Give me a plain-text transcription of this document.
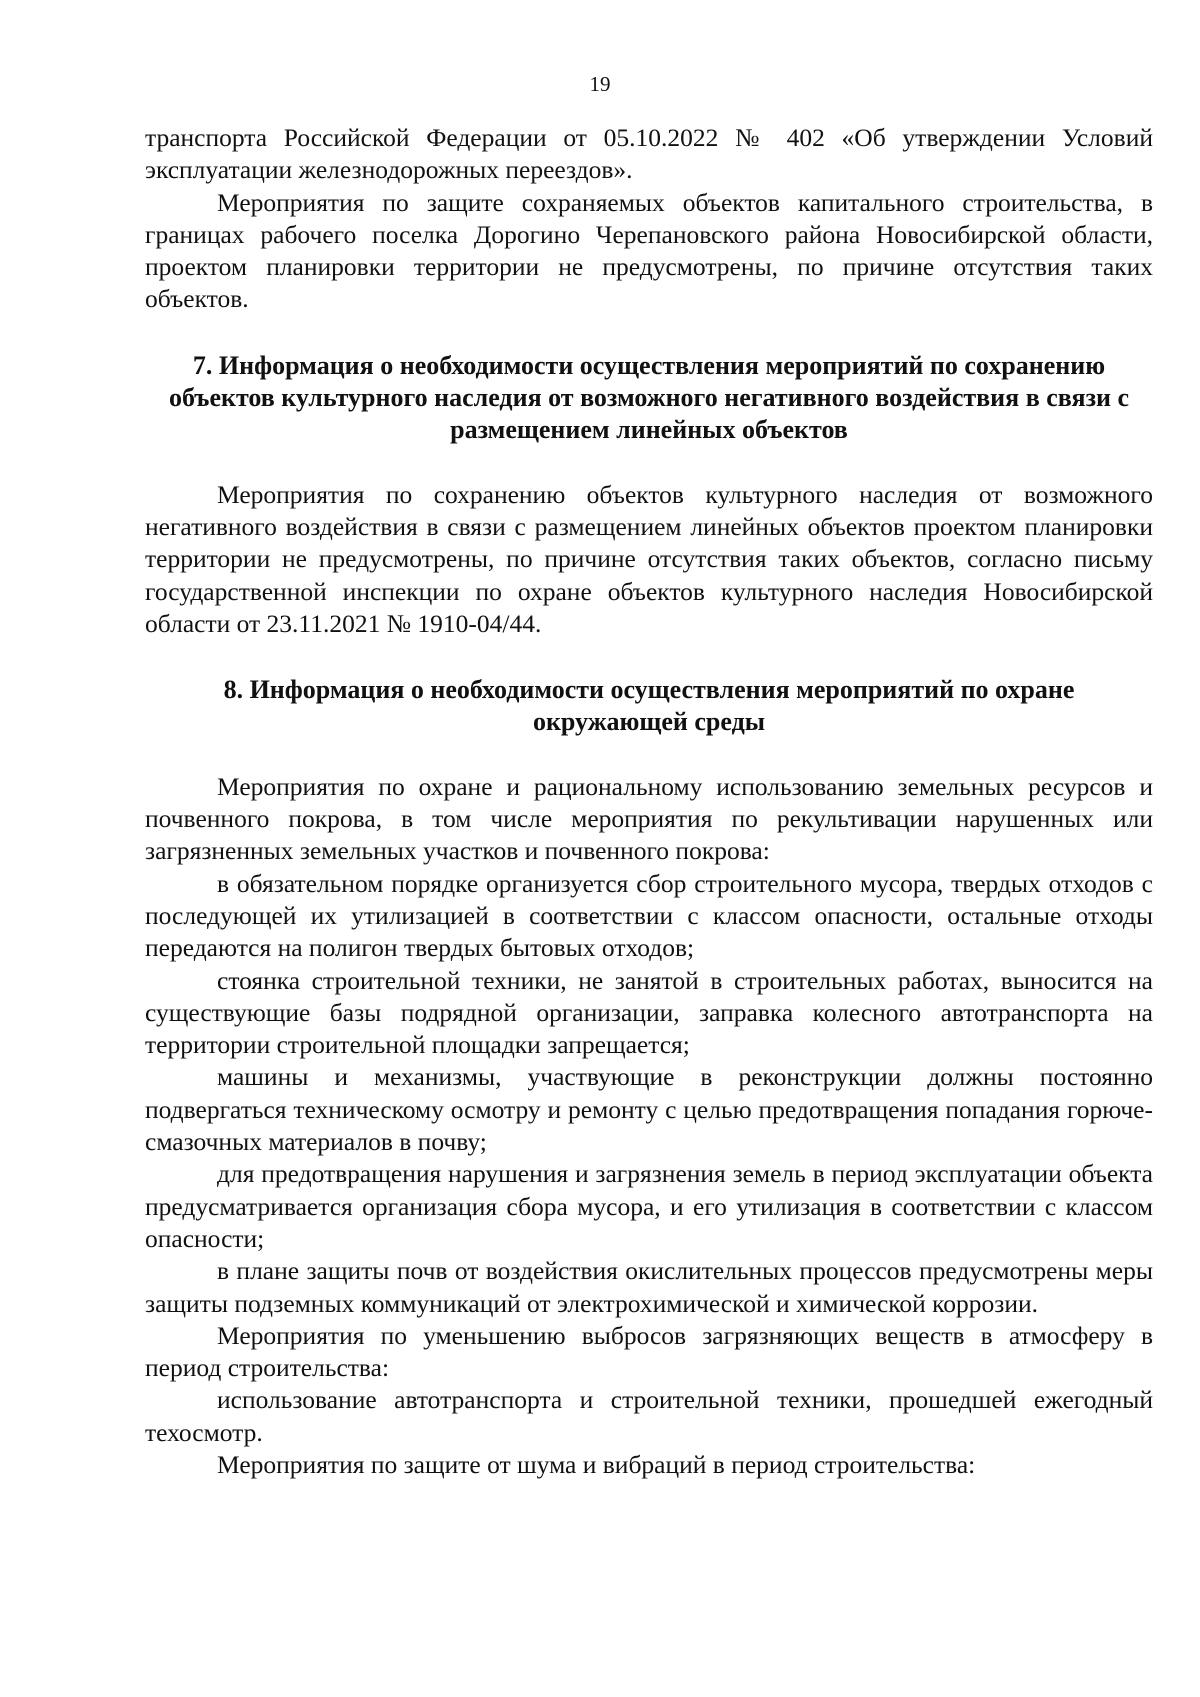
19

транспорта Российской Федерации от 05.10.2022 № 402 «Об утверждении Условий эксплуатации железнодорожных переездов».

Мероприятия по защите сохраняемых объектов капитального строительства, в границах рабочего поселка Дорогино Черепановского района Новосибирской области, проектом планировки территории не предусмотрены, по причине отсутствия таких объектов.

7. Информация о необходимости осуществления мероприятий по сохранению объектов культурного наследия от возможного негативного воздействия в связи с размещением линейных объектов

Мероприятия по сохранению объектов культурного наследия от возможного негативного воздействия в связи с размещением линейных объектов проектом планировки территории не предусмотрены, по причине отсутствия таких объектов, согласно письму государственной инспекции по охране объектов культурного наследия Новосибирской области от 23.11.2021 № 1910-04/44.

8. Информация о необходимости осуществления мероприятий по охране окружающей среды

Мероприятия по охране и рациональному использованию земельных ресурсов и почвенного покрова, в том числе мероприятия по рекультивации нарушенных или загрязненных земельных участков и почвенного покрова:

в обязательном порядке организуется сбор строительного мусора, твердых отходов с последующей их утилизацией в соответствии с классом опасности, остальные отходы передаются на полигон твердых бытовых отходов;

стоянка строительной техники, не занятой в строительных работах, выносится на существующие базы подрядной организации, заправка колесного автотранспорта на территории строительной площадки запрещается;

машины и механизмы, участвующие в реконструкции должны постоянно подвергаться техническому осмотру и ремонту с целью предотвращения попадания горюче-смазочных материалов в почву;

для предотвращения нарушения и загрязнения земель в период эксплуатации объекта предусматривается организация сбора мусора, и его утилизация в соответствии с классом опасности;

в плане защиты почв от воздействия окислительных процессов предусмотрены меры защиты подземных коммуникаций от электрохимической и химической коррозии.

Мероприятия по уменьшению выбросов загрязняющих веществ в атмосферу в период строительства:

использование автотранспорта и строительной техники, прошедшей ежегодный техосмотр.

Мероприятия по защите от шума и вибраций в период строительства:
